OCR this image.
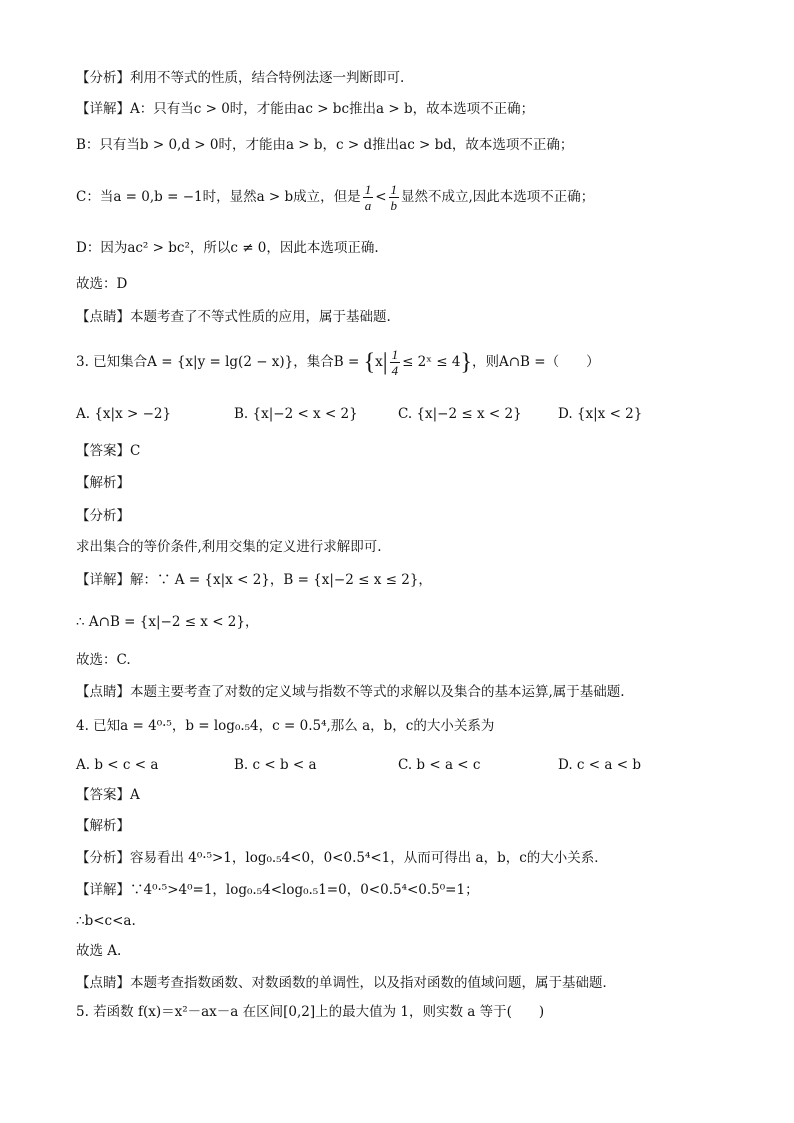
【分析】利用不等式的性质，结合特例法逐一判断即可.
【详解】A：只有当c > 0时，才能由ac > bc推出a > b，故本选项不正确；
B：只有当b > 0,d > 0时，才能由a > b，c > d推出ac > bd，故本选项不正确；
C：当a = 0,b = −1时，显然a > b成立，但是 $\frac{1}{a} < \frac{1}{b}$ 显然不成立,因此本选项不正确；
D：因为ac² > bc²，所以c ≠ 0，因此本选项正确.
故选：D
【点睛】本题考查了不等式性质的应用，属于基础题.
3. 已知集合A = {x|y = lg(2 − x)}，集合$B = \{x| \frac{1}{4}$ ≤ 2ˣ ≤ 4}，则A∩B =（　　）
A. {x|x > −2}	B. {x|−2 < x < 2}	C. {x|−2 ≤ x < 2}	D. {x|x < 2}
【答案】C
【解析】
【分析】
求出集合的等价条件,利用交集的定义进行求解即可.
【详解】解：∵ A = {x|x < 2}，B = {x|−2 ≤ x ≤ 2}，
∴ A∩B = {x|−2 ≤ x < 2}，
故选：C.
【点睛】本题主要考查了对数的定义域与指数不等式的求解以及集合的基本运算,属于基础题.
4. 已知a = 4⁰·⁵，b = log₀.₅4，c = 0.5⁴,那么 a，b，c的大小关系为
A. b < c < a	B. c < b < a	C. b < a < c	D. c < a < b
【答案】A
【解析】
【分析】容易看出 4⁰·⁵>1，log₀.₅4<0，0<0.5⁴<1，从而可得出 a，b，c的大小关系．
【详解】∵4⁰·⁵>4⁰=1，log₀.₅4<log₀.₅1=0，0<0.5⁴<0.5⁰=1；
∴b<c<a.
故选 A.
【点睛】本题考查指数函数、对数函数的单调性，以及指对函数的值域问题，属于基础题．
5. 若函数 f(x)＝x²－ax－a 在区间[0,2]上的最大值为 1，则实数 a 等于(　　)
